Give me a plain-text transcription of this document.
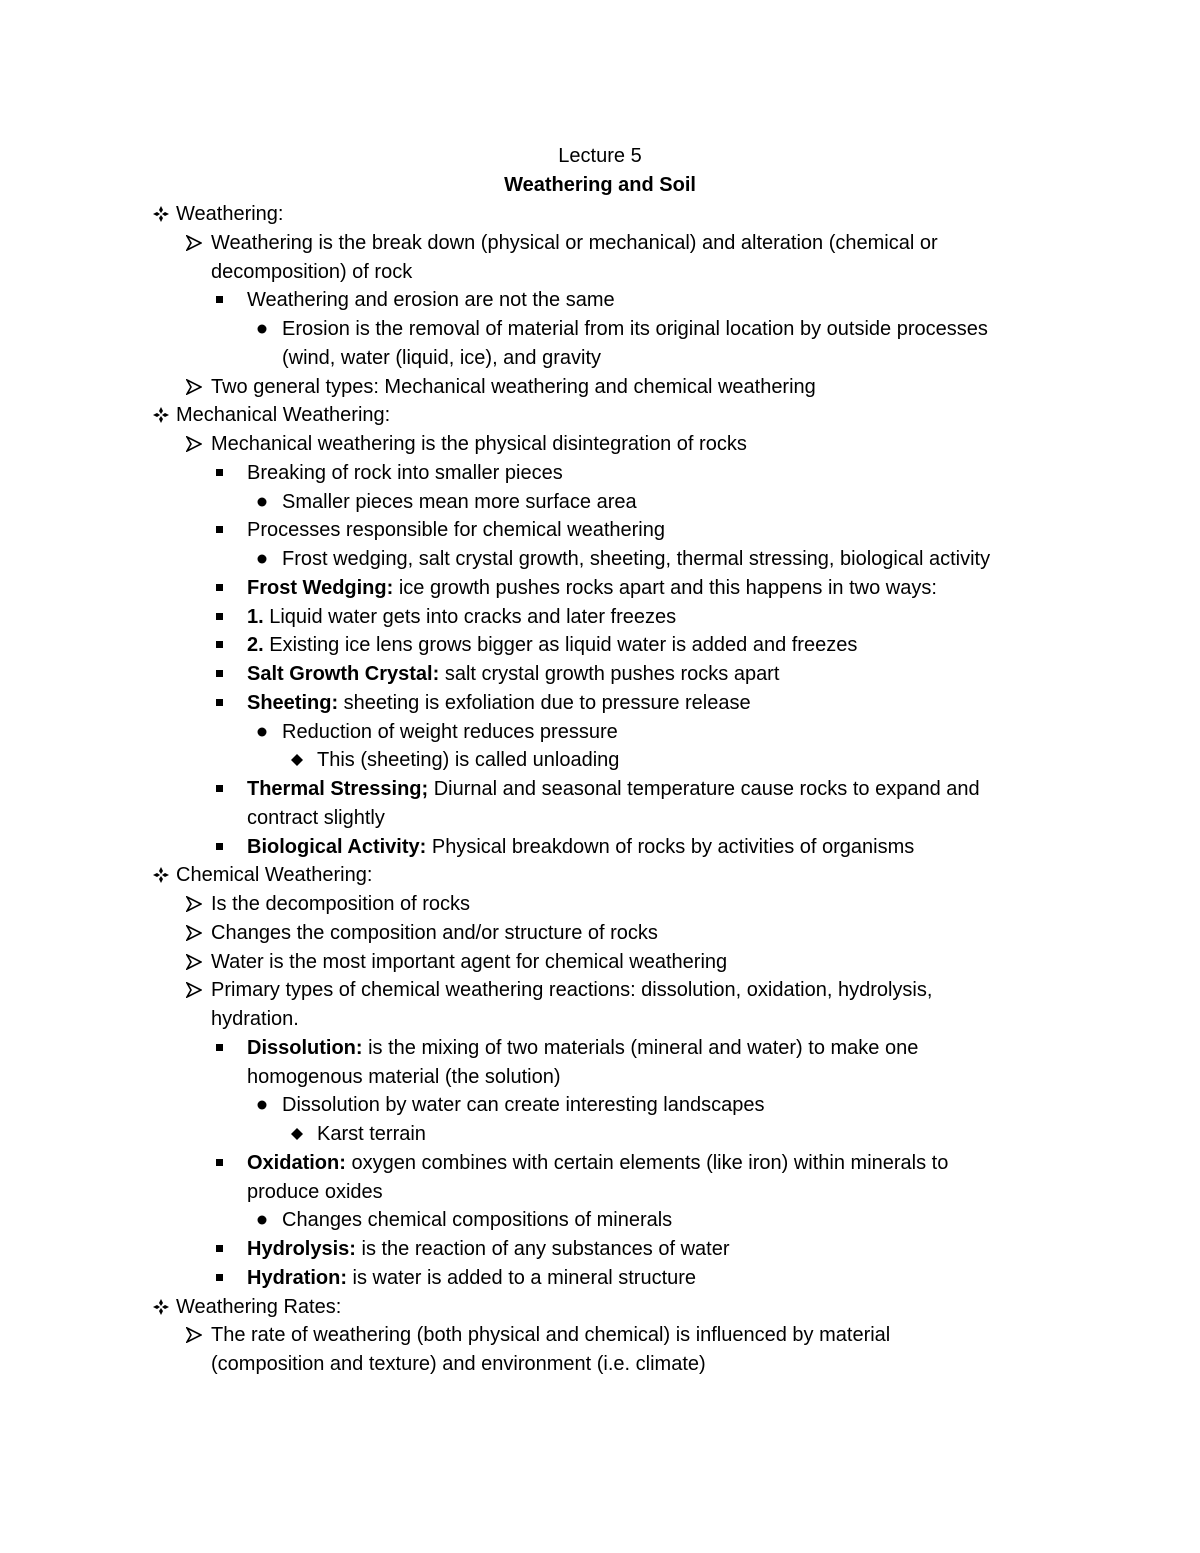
Lecture 5
Weathering and Soil
Weathering:
Weathering is the break down (physical or mechanical) and alteration (chemical or
decomposition) of rock
Weathering and erosion are not the same
Erosion is the removal of material from its original location by outside processes
(wind, water (liquid, ice), and gravity
Two general types: Mechanical weathering and chemical weathering
Mechanical Weathering:
Mechanical weathering is the physical disintegration of rocks
Breaking of rock into smaller pieces
Smaller pieces mean more surface area
Processes responsible for chemical weathering
Frost wedging, salt crystal growth, sheeting, thermal stressing, biological activity
Frost Wedging: ice growth pushes rocks apart and this happens in two ways:
1. Liquid water gets into cracks and later freezes
2. Existing ice lens grows bigger as liquid water is added and freezes
Salt Growth Crystal: salt crystal growth pushes rocks apart
Sheeting: sheeting is exfoliation due to pressure release
Reduction of weight reduces pressure
This (sheeting) is called unloading
Thermal Stressing; Diurnal and seasonal temperature cause rocks to expand and
contract slightly
Biological Activity: Physical breakdown of rocks by activities of organisms
Chemical Weathering:
Is the decomposition of rocks
Changes the composition and/or structure of rocks
Water is the most important agent for chemical weathering
Primary types of chemical weathering reactions: dissolution, oxidation, hydrolysis,
hydration.
Dissolution: is the mixing of two materials (mineral and water) to make one
homogenous material (the solution)
Dissolution by water can create interesting landscapes
Karst terrain
Oxidation: oxygen combines with certain elements (like iron) within minerals to
produce oxides
Changes chemical compositions of minerals
Hydrolysis: is the reaction of any substances of water
Hydration: is water is added to a mineral structure
Weathering Rates:
The rate of weathering (both physical and chemical) is influenced by material
(composition and texture) and environment (i.e. climate)
